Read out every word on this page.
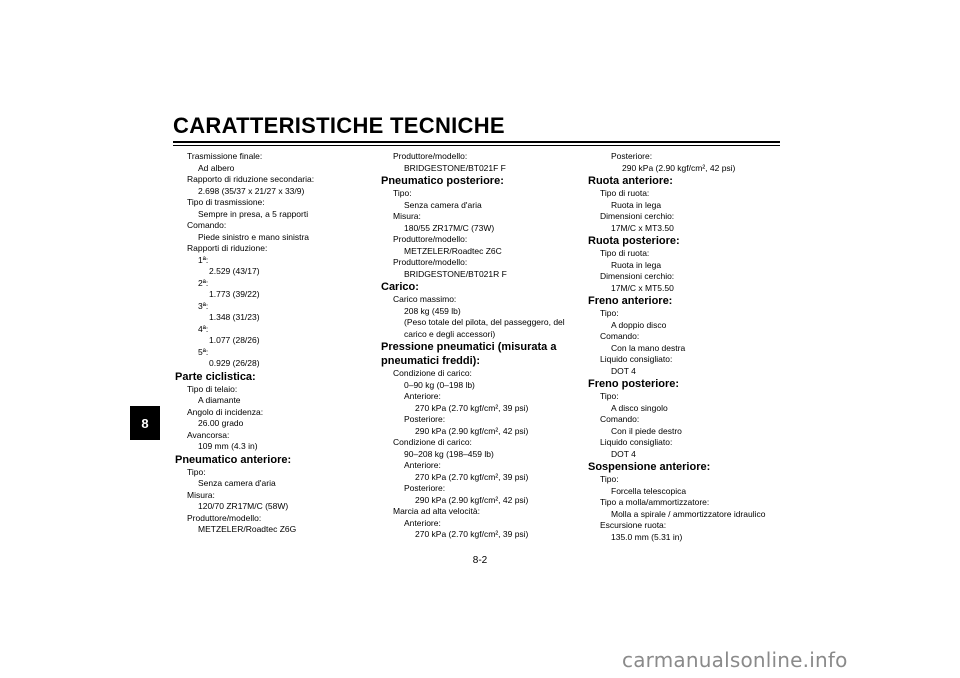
CARATTERISTICHE TECNICHE
8
Trasmissione finale:
Ad albero
Rapporto di riduzione secondaria:
2.698 (35/37 x 21/27 x 33/9)
Tipo di trasmissione:
Sempre in presa, a 5 rapporti
Comando:
Piede sinistro e mano sinistra
Rapporti di riduzione:
1ª:
2.529 (43/17)
2ª:
1.773 (39/22)
3ª:
1.348 (31/23)
4ª:
1.077 (28/26)
5ª:
0.929 (26/28)
Parte ciclistica:
Tipo di telaio:
A diamante
Angolo di incidenza:
26.00 grado
Avancorsa:
109 mm (4.3 in)
Pneumatico anteriore:
Tipo:
Senza camera d'aria
Misura:
120/70 ZR17M/C (58W)
Produttore/modello:
METZELER/Roadtec Z6G
Produttore/modello:
BRIDGESTONE/BT021F F
Pneumatico posteriore:
Tipo:
Senza camera d'aria
Misura:
180/55 ZR17M/C (73W)
Produttore/modello:
METZELER/Roadtec Z6C
Produttore/modello:
BRIDGESTONE/BT021R F
Carico:
Carico massimo:
208 kg (459 lb)
(Peso totale del pilota, del passeggero, del
carico e degli accessori)
Pressione pneumatici (misurata a pneumatici freddi):
Condizione di carico:
0–90 kg (0–198 lb)
Anteriore:
270 kPa (2.70 kgf/cm², 39 psi)
Posteriore:
290 kPa (2.90 kgf/cm², 42 psi)
Condizione di carico:
90–208 kg (198–459 lb)
Anteriore:
270 kPa (2.70 kgf/cm², 39 psi)
Posteriore:
290 kPa (2.90 kgf/cm², 42 psi)
Marcia ad alta velocità:
Anteriore:
270 kPa (2.70 kgf/cm², 39 psi)
Posteriore:
290 kPa (2.90 kgf/cm², 42 psi)
Ruota anteriore:
Tipo di ruota:
Ruota in lega
Dimensioni cerchio:
17M/C x MT3.50
Ruota posteriore:
Tipo di ruota:
Ruota in lega
Dimensioni cerchio:
17M/C x MT5.50
Freno anteriore:
Tipo:
A doppio disco
Comando:
Con la mano destra
Liquido consigliato:
DOT 4
Freno posteriore:
Tipo:
A disco singolo
Comando:
Con il piede destro
Liquido consigliato:
DOT 4
Sospensione anteriore:
Tipo:
Forcella telescopica
Tipo a molla/ammortizzatore:
Molla a spirale / ammortizzatore idraulico
Escursione ruota:
135.0 mm (5.31 in)
8-2
carmanualsonline.info
